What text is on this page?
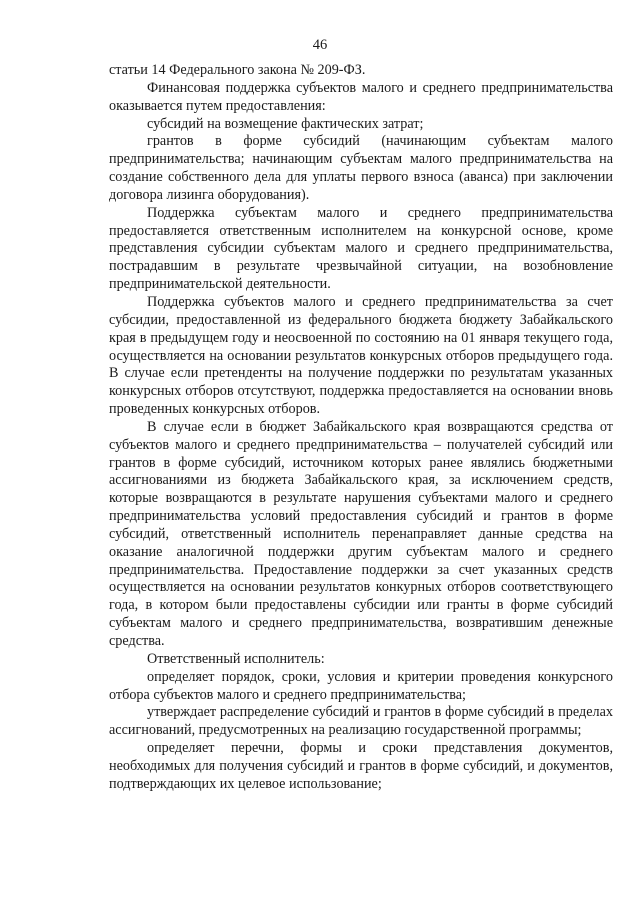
46

статьи 14 Федерального закона № 209-ФЗ.

Финансовая поддержка субъектов малого и среднего предпринимательства оказывается путем предоставления:

субсидий на возмещение фактических затрат;

грантов в форме субсидий (начинающим субъектам малого предпринимательства; начинающим субъектам малого предпринимательства на создание собственного дела для уплаты первого взноса (аванса) при заключении договора лизинга оборудования).

Поддержка субъектам малого и среднего предпринимательства предоставляется ответственным исполнителем на конкурсной основе, кроме представления субсидии субъектам малого и среднего предпринимательства, пострадавшим в результате чрезвычайной ситуации, на возобновление предпринимательской деятельности.

Поддержка субъектов малого и среднего предпринимательства за счет субсидии, предоставленной из федерального бюджета бюджету Забайкальского края в предыдущем году и неосвоенной по состоянию на 01 января текущего года, осуществляется на основании результатов конкурсных отборов предыдущего года. В случае если претенденты на получение поддержки по результатам указанных конкурсных отборов отсутствуют, поддержка предоставляется на основании вновь проведенных конкурсных отборов.

В случае если в бюджет Забайкальского края возвращаются средства от субъектов малого и среднего предпринимательства – получателей субсидий или грантов в форме субсидий, источником которых ранее являлись бюджетными ассигнованиями из бюджета Забайкальского края, за исключением средств, которые возвращаются в результате нарушения субъектами малого и среднего предпринимательства условий предоставления субсидий и грантов в форме субсидий, ответственный исполнитель перенаправляет данные средства на оказание аналогичной поддержки другим субъектам малого и среднего предпринимательства. Предоставление поддержки за счет указанных средств осуществляется на основании результатов конкурных отборов соответствующего года, в котором были предоставлены субсидии или гранты в форме субсидий субъектам малого и среднего предпринимательства, возвратившим денежные средства.

Ответственный исполнитель:

определяет порядок, сроки, условия и критерии проведения конкурсного отбора субъектов малого и среднего предпринимательства;

утверждает распределение субсидий и грантов в форме субсидий в пределах ассигнований, предусмотренных на реализацию государственной программы;

определяет перечни, формы и сроки представления документов, необходимых для получения субсидий и грантов в форме субсидий, и документов, подтверждающих их целевое использование;
